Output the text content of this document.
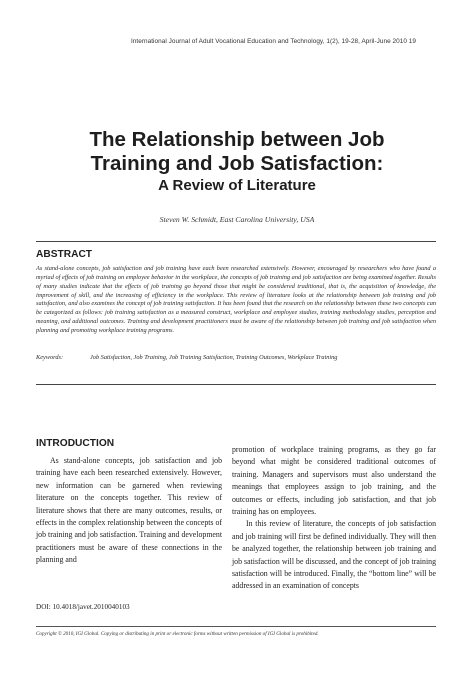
International Journal of Adult Vocational Education and Technology, 1(2), 19-28, April-June 2010 19
The Relationship between Job
Training and Job Satisfaction:
A Review of Literature
Steven W. Schmidt, East Carolina University, USA
ABSTRACT
As stand-alone concepts, job satisfaction and job training have each been researched extensively. However, encouraged by researchers who have found a myriad of effects of job training on employee behavior in the workplace, the concepts of job training and job satisfaction are being examined together. Results of many studies indicate that the effects of job training go beyond those that might be considered traditional, that is, the acquisition of knowledge, the improvement of skill, and the increasing of efficiency in the workplace. This review of literature looks at the relationship between job training and job satisfaction, and also examines the concept of job training satisfaction. It has been found that the research on the relationship between these two concepts can be categorized as follows: job training satisfaction as a measured construct, workplace and employee studies, training methodology studies, perception and meaning, and additional outcomes. Training and development practitioners must be aware of the relationship between job training and job satisfaction when planning and promoting workplace training programs.
Keywords:	Job Satisfaction, Job Training, Job Training Satisfaction, Training Outcomes, Workplace Training
INTRODUCTION

As stand-alone concepts, job satisfaction and job training have each been researched extensively. However, new information can be garnered when reviewing literature on the concepts together. This review of literature shows that there are many outcomes, results, or effects in the complex relationship between the concepts of job training and job satisfaction. Training and development practitioners must be aware of these connections in the planning and

promotion of workplace training programs, as they go far beyond what might be considered traditional outcomes of training. Managers and supervisors must also understand the meanings that employees assign to job training, and the outcomes or effects, including job satisfaction, and that job training has on employees.

In this review of literature, the concepts of job satisfaction and job training will first be defined individually. They will then be analyzed together, the relationship between job training and job satisfaction will be discussed, and the concept of job training satisfaction will be introduced. Finally, the “bottom line” will be addressed in an examination of concepts

DOI: 10.4018/javet.2010040103
Copyright © 2010, IGI Global. Copying or distributing in print or electronic forms without written permission of IGI Global is prohibited.
